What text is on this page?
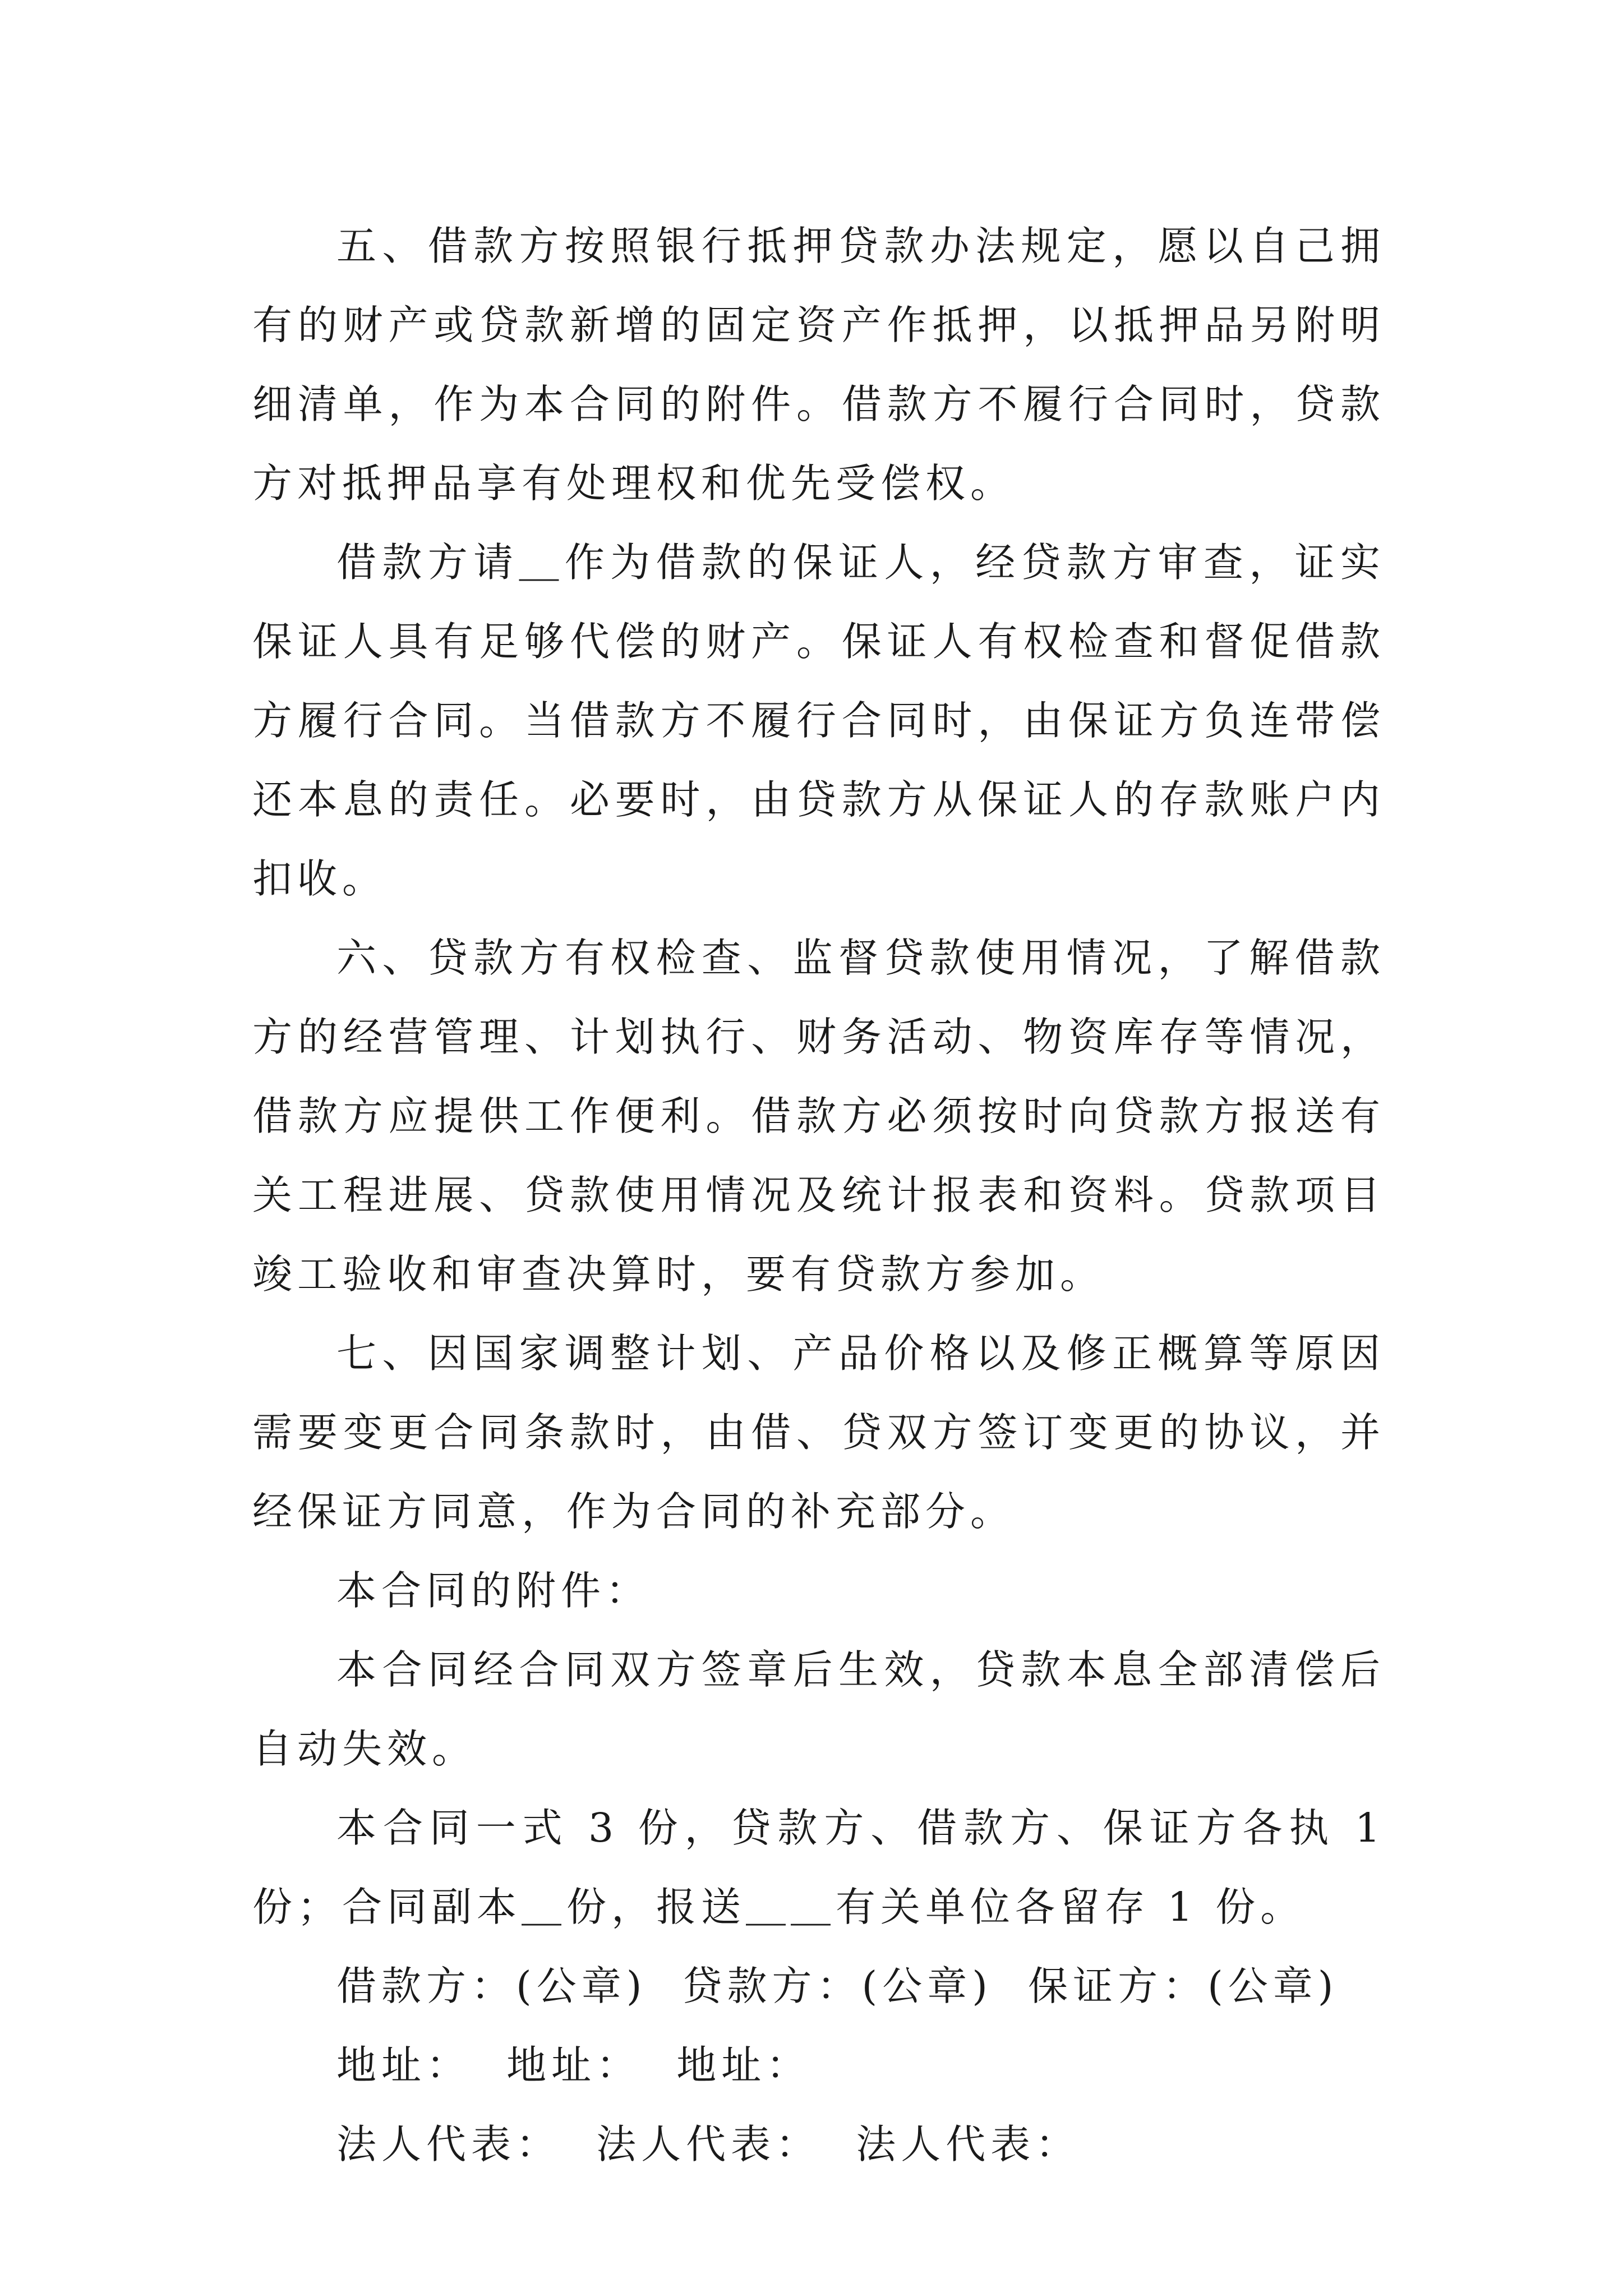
五、借款方按照银行抵押贷款办法规定，愿以自己拥有的财产或贷款新增的固定资产作抵押，以抵押品另附明细清单，作为本合同的附件。借款方不履行合同时，贷款方对抵押品享有处理权和优先受偿权。

借款方请＿作为借款的保证人，经贷款方审查，证实保证人具有足够代偿的财产。保证人有权检查和督促借款方履行合同。当借款方不履行合同时，由保证方负连带偿还本息的责任。必要时，由贷款方从保证人的存款账户内扣收。

六、贷款方有权检查、监督贷款使用情况，了解借款方的经营管理、计划执行、财务活动、物资库存等情况，借款方应提供工作便利。借款方必须按时向贷款方报送有关工程进展、贷款使用情况及统计报表和资料。贷款项目竣工验收和审查决算时，要有贷款方参加。

七、因国家调整计划、产品价格以及修正概算等原因需要变更合同条款时，由借、贷双方签订变更的协议，并经保证方同意，作为合同的补充部分。

本合同的附件：

本合同经合同双方签章后生效，贷款本息全部清偿后自动失效。

本合同一式 3 份，贷款方、借款方、保证方各执 1 份；合同副本＿份，报送＿＿有关单位各留存 1 份。

借款方：(公章)  贷款方：(公章)  保证方：(公章)

地址：  地址：  地址：

法人代表：  法人代表：  法人代表：
